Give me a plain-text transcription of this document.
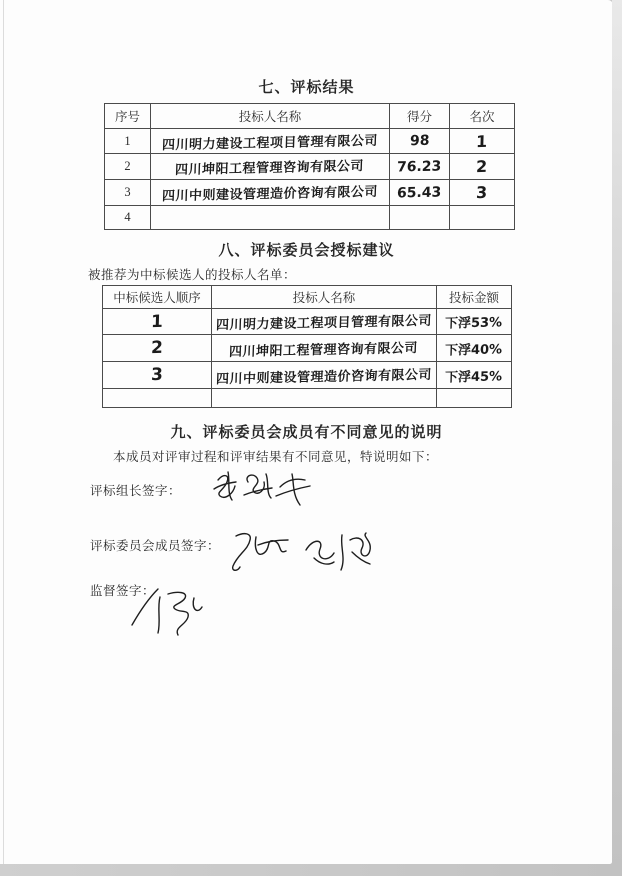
七、评标结果
序号	投标人名称	得分	名次
1	四川明力建设工程项目管理有限公司	98	1
2	四川坤阳工程管理咨询有限公司	76.23	2
3	四川中则建设管理造价咨询有限公司	65.43	3
4			
八、评标委员会授标建议
被推荐为中标候选人的投标人名单：
中标候选人顺序	投标人名称	投标金额
1	四川明力建设工程项目管理有限公司	下浮53%
2	四川坤阳工程管理咨询有限公司	下浮40%
3	四川中则建设管理造价咨询有限公司	下浮45%

九、评标委员会成员有不同意见的说明
本成员对评审过程和评审结果有不同意见，特说明如下：
评标组长签字：
评标委员会成员签字：
监督签字：
